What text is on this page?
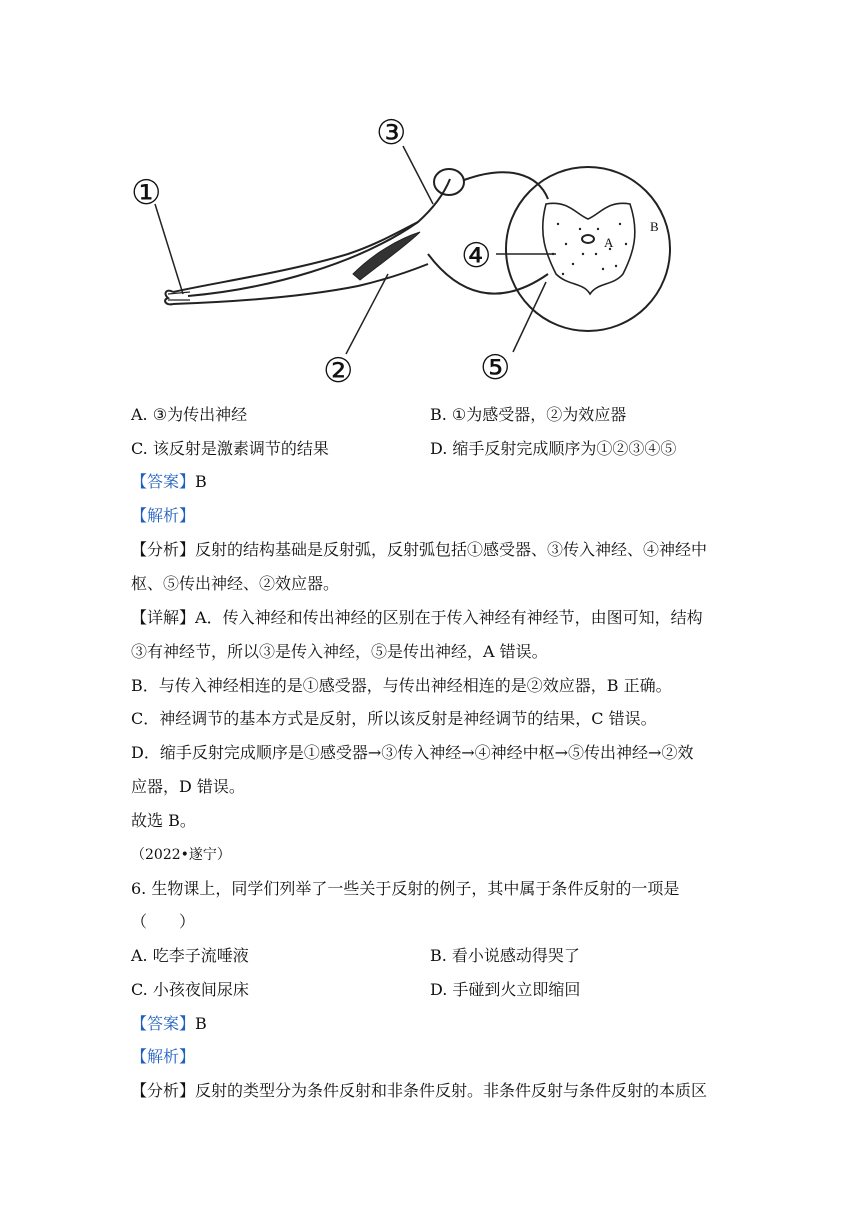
①
②
③
④
⑤
A
B
A. ③为传出神经	B. ①为感受器，②为效应器
C. 该反射是激素调节的结果	D. 缩手反射完成顺序为①②③④⑤
【答案】B
【解析】
【分析】反射的结构基础是反射弧，反射弧包括①感受器、③传入神经、④神经中
枢、⑤传出神经、②效应器。
【详解】A．传入神经和传出神经的区别在于传入神经有神经节，由图可知，结构
③有神经节，所以③是传入神经，⑤是传出神经，A 错误。
B．与传入神经相连的是①感受器，与传出神经相连的是②效应器，B 正确。
C．神经调节的基本方式是反射，所以该反射是神经调节的结果，C 错误。
D．缩手反射完成顺序是①感受器→③传入神经→④神经中枢→⑤传出神经→②效
应器，D 错误。
故选 B。
（2022•遂宁）
6. 生物课上，同学们列举了一些关于反射的例子，其中属于条件反射的一项是
（　　）
A. 吃李子流唾液	B. 看小说感动得哭了
C. 小孩夜间尿床	D. 手碰到火立即缩回
【答案】B
【解析】
【分析】反射的类型分为条件反射和非条件反射。非条件反射与条件反射的本质区
